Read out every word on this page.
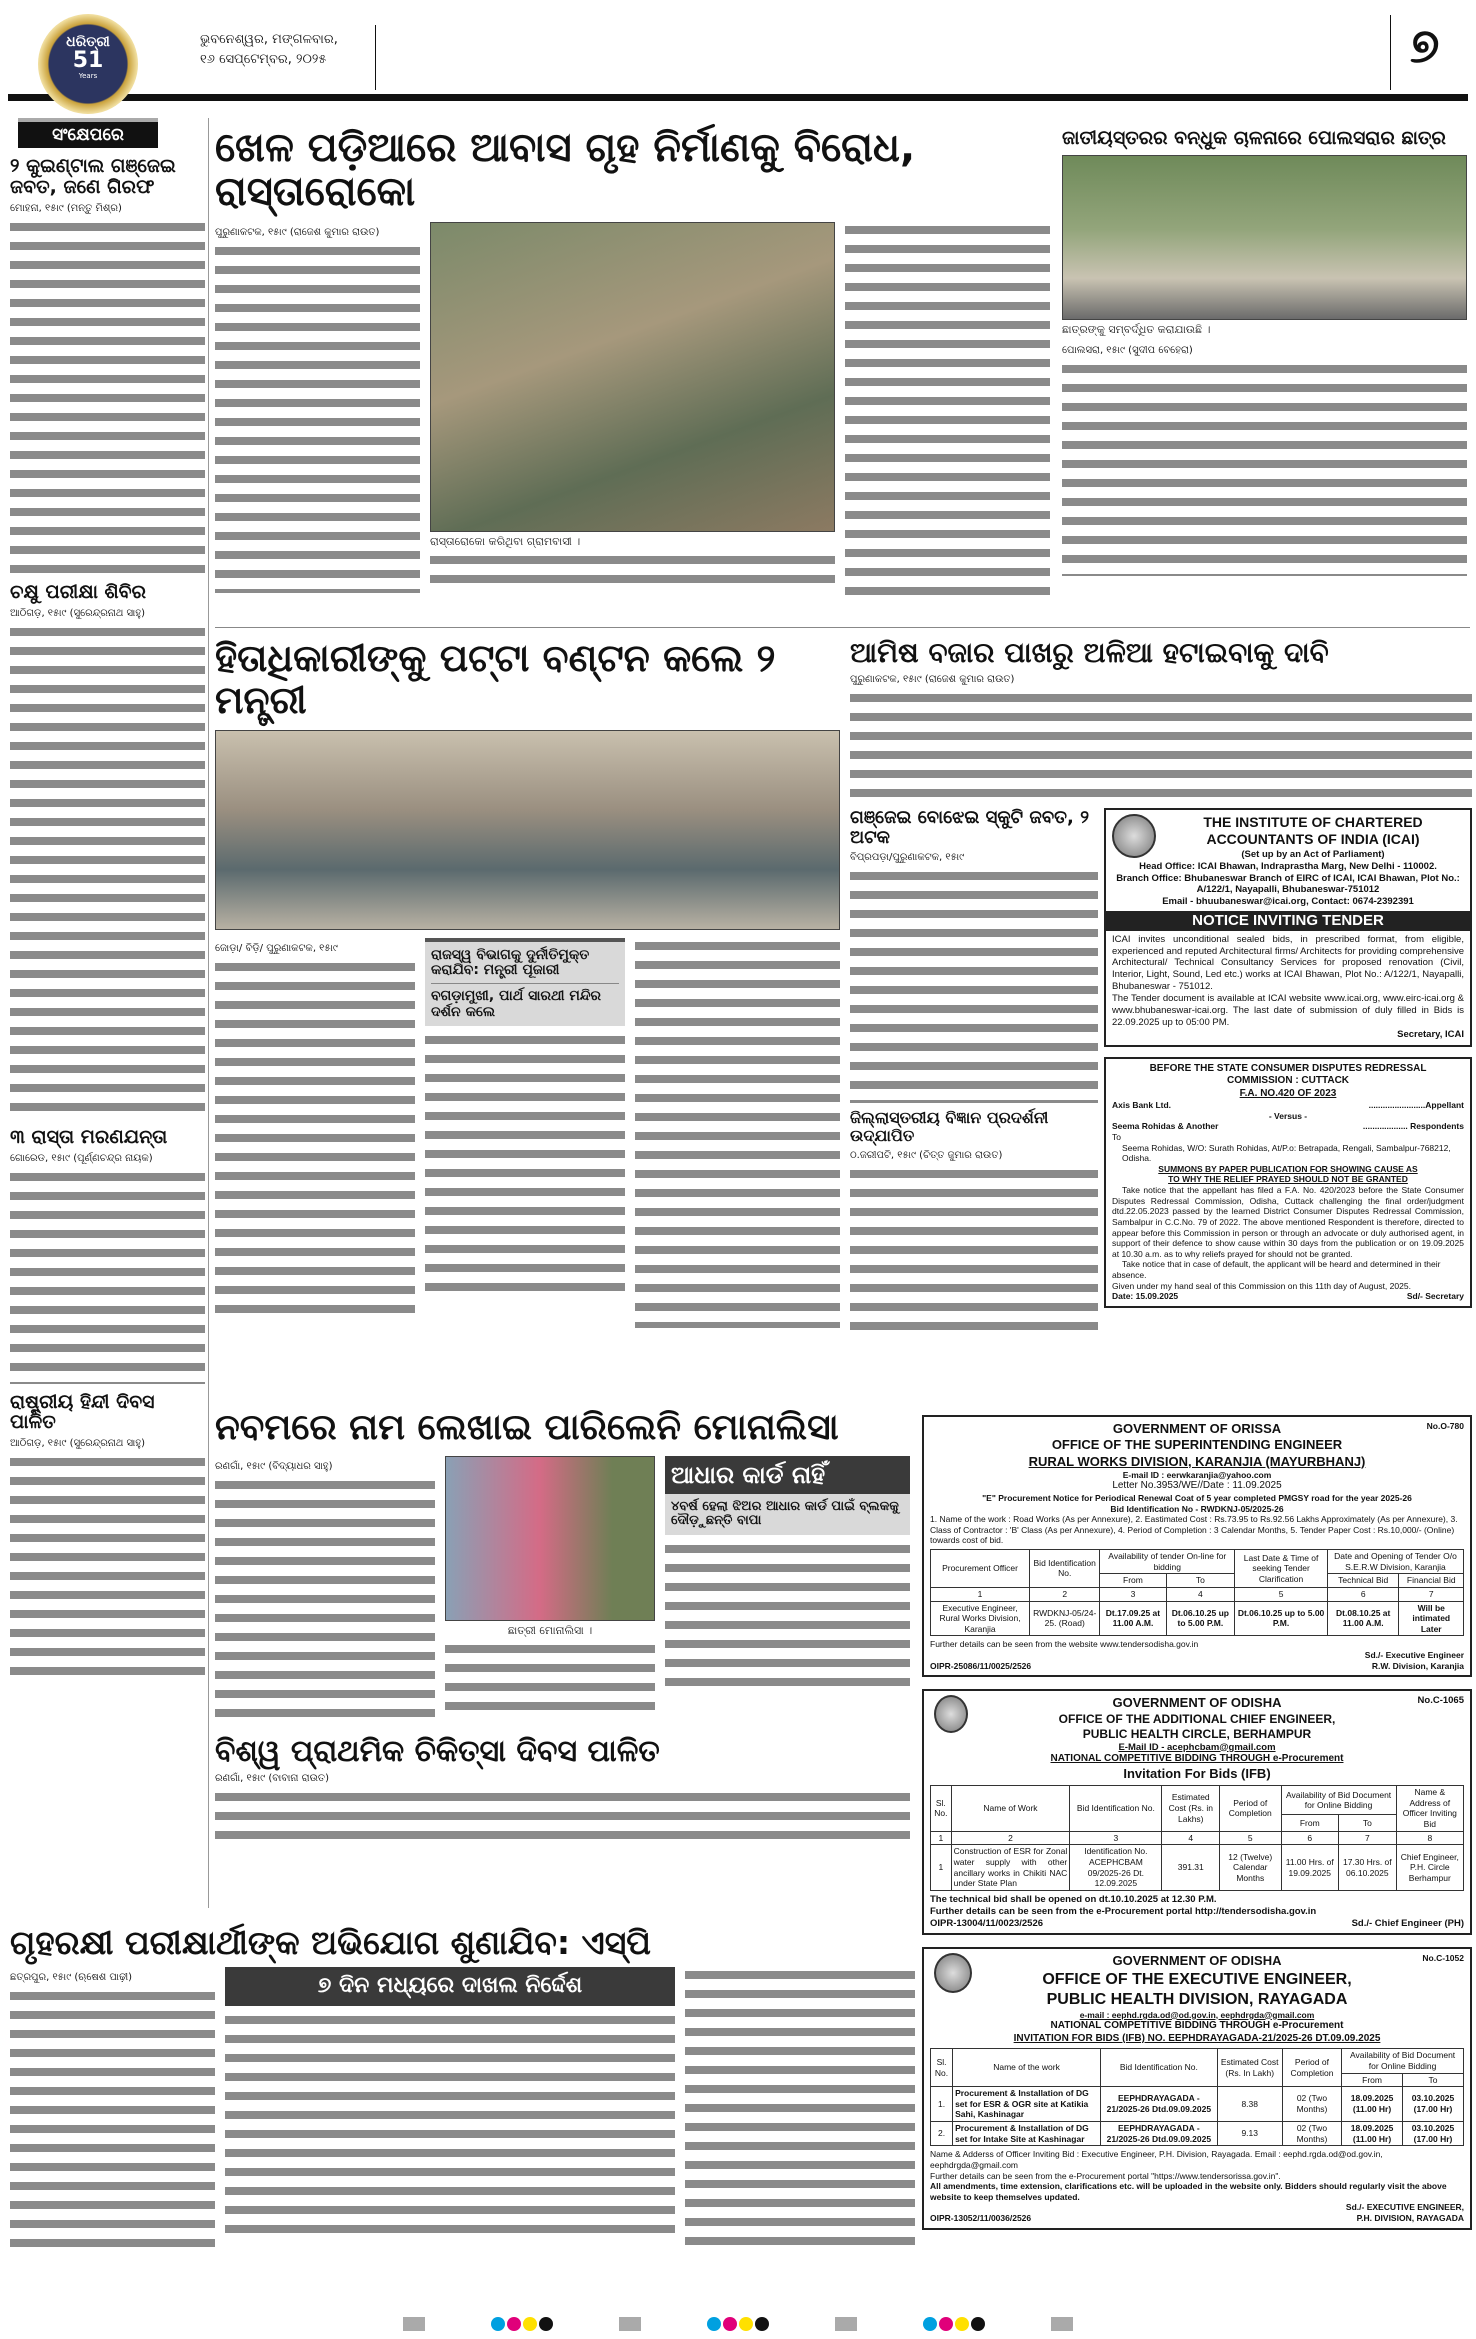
ଧରିତ୍ରୀ
51
Years
ଭୁବନେଶ୍ୱର, ମଙ୍ଗଳବାର,
୧୬ ସେପ୍ଟେମ୍ବର, ୨୦୨୫	୭
ସଂକ୍ଷେପରେ
୨ କୁଇଣ୍ଟାଲ ଗଞ୍ଜେଇ ଜବତ, ଜଣେ ଗିରଫ
ମୋହନା, ୧୫ା୯ (ମନ୍ତୁ ମିଶ୍ର)
ଚକ୍ଷୁ ପରୀକ୍ଷା ଶିବିର
ଆଠିଗଡ଼, ୧୫ା୯ (ସୁରେନ୍ଦ୍ରନାଥ ସାହୁ)
୩ ରାସ୍ତା ମରଣଯନ୍ତା
ଗୋରେଡ, ୧୫ା୯ (ପୂର୍ଣ୍ଣଚନ୍ଦ୍ର ନାୟକ)
ରାଷ୍ଟ୍ରୀୟ ହିନ୍ଦୀ ଦିବସ ପାଳିତ
ଆଠିଗଡ଼, ୧୫ା୯ (ସୁରେନ୍ଦ୍ରନାଥ ସାହୁ)
ଖେଳ ପଡ଼ିଆରେ ଆବାସ ଗୃହ ନିର୍ମାଣକୁ ବିରୋଧ, ରାସ୍ତାରୋକୋ
ପୁରୁଣାକଟକ, ୧୫ା୯ (ରାଜେଶ କୁମାର ରାଉତ)
ରାସ୍ତାରୋକୋ କରିଥିବା ଗ୍ରାମବାସୀ ।
ଜାତୀୟସ୍ତରର ବନ୍ଧୁକ ଚାଳନାରେ ପୋଲସରାର ଛାତ୍ର
ଛାତ୍ରଙ୍କୁ ସମ୍ବର୍ଦ୍ଧିତ କରାଯାଉଛି ।
ପୋଲସରା, ୧୫ା୯ (ସୁଦୀପ ବେହେରା)
ହିତାଧିକାରୀଙ୍କୁ ପଟ୍ଟା ବଣ୍ଟନ କଲେ ୨ ମନ୍ତ୍ରୀ
ଜୋଡ଼ା/ ବିଡ଼ି/ ପୁରୁଣାକଟକ, ୧୫ା୯	ରାଜସ୍ୱ ବିଭାଗକୁ ଦୁର୍ନୀତିମୁକ୍ତ କରାଯିବ: ମନ୍ତ୍ରୀ ପୂଜାରୀ
ବଗଡ଼ାମୁଖୀ, ପାର୍ଥ ସାରଥୀ ମନ୍ଦିର ଦର୍ଶନ କଲେ
ଆମିଷ ବଜାର ପାଖରୁ ଅଳିଆ ହଟାଇବାକୁ ଦାବି
ପୁରୁଣାକଟକ, ୧୫ା୯ (ରାଜେଶ କୁମାର ରାଉତ)
ଗଞ୍ଜେଇ ବୋଝେଇ ସ୍କୁଟି ଜବତ, ୨ ଅଟକ
ବିପ୍ରପଡ଼ା/ପୁରୁଣାକଟକ, ୧୫ା୯
ଜିଲ୍ଲାସ୍ତରୀୟ ବିଜ୍ଞାନ ପ୍ରଦର୍ଶନୀ ଉଦ୍‌ଯାପିତ
ଠ.ଜରୀପଟି, ୧୫ା୯ (ଚିତ୍ତ ଜୁମାର ରାଉତ)
THE INSTITUTE OF CHARTERED
ACCOUNTANTS OF INDIA (ICAI)
(Set up by an Act of Parliament)
Head Office: ICAI Bhawan, Indraprastha Marg, New Delhi - 110002.
Branch Office: Bhubaneswar Branch of EIRC of ICAI, ICAI Bhawan, Plot No.: A/122/1, Nayapalli, Bhubaneswar-751012
Email - bhuubaneswar@icai.org, Contact: 0674-2392391
NOTICE INVITING TENDER
ICAI invites unconditional sealed bids, in prescribed format, from eligible, experienced and reputed Architectural firms/ Architects for providing comprehensive Architectural/ Technical Consultancy Services for proposed renovation (Civil, Interior, Light, Sound, Led etc.) works at ICAI Bhawan, Plot No.: A/122/1, Nayapalli, Bhubaneswar - 751012.
The Tender document is available at ICAI website www.icai.org, www.eirc-icai.org & www.bhubaneswar-icai.org. The last date of submission of duly filled in Bids is 22.09.2025 up to 05:00 PM.
Secretary, ICAI
BEFORE THE STATE CONSUMER DISPUTES REDRESSAL
COMMISSION : CUTTACK
F.A. NO.420 OF 2023
Axis Bank Ltd.	........................Appellant
- Versus -
Seema Rohidas & Another	................... Respondents
To
Seema Rohidas, W/O: Surath Rohidas, At/P.o: Betrapada, Rengali, Sambalpur-768212, Odisha.
SUMMONS BY PAPER PUBLICATION FOR SHOWING CAUSE AS
TO WHY THE RELIEF PRAYED SHOULD NOT BE GRANTED
Take notice that the appellant has filed a F.A. No. 420/2023 before the State Consumer Disputes Redressal Commission, Odisha, Cuttack challenging the final order/judgment dtd.22.05.2023 passed by the learned District Consumer Disputes Redressal Commission, Sambalpur in C.C.No. 79 of 2022. The above mentioned Respondent is therefore, directed to appear before this Commission in person or through an advocate or duly authorised agent, in support of their defence to show cause within 30 days from the publication or on 19.09.2025 at 10.30 a.m. as to why reliefs prayed for should not be granted.
Take notice that in case of default, the applicant will be heard and determined in their absence.
Given under my hand seal of this Commission on this 11th day of August, 2025.
Date: 15.09.2025	Sd/- Secretary
ନବମରେ ନାମ ଲେଖାଇ ପାରିଲେନି ମୋନାଲିସା
ରଣଗାଁ, ୧୫ା୯ (ବିଦ୍ୟାଧର ସାହୁ)
ଛାତ୍ରୀ ମୋନାଲିସା ।
ଆଧାର କାର୍ଡ ନାହିଁ
୪ବର୍ଷ ହେଲା ଝିଅର ଆଧାର କାର୍ଡ ପାଇଁ ବ୍ଲକକୁ ଦୌଡ଼ୁଛନ୍ତି ବାପା
ବିଶ୍ୱ ପ୍ରାଥମିକ ଚିକିତ୍ସା ଦିବସ ପାଳିତ
ରଣଗାଁ, ୧୫ା୯ (ବାବାନା ରାଉତ)
ଗୃହରକ୍ଷୀ ପରୀକ୍ଷାର୍ଥୀଙ୍କ ଅଭିଯୋଗ ଶୁଣାଯିବ: ଏସ୍‌ପି
ଛତ୍ରପୁର, ୧୫ା୯ (ଋଷେଶ ପାଢ଼ୀ)	୭ ଦିନ ମଧ୍ୟରେ ଦାଖଲ ନିର୍ଦ୍ଦେଶ
GOVERNMENT OF ORISSA
OFFICE OF THE SUPERINTENDING ENGINEER
RURAL WORKS DIVISION, KARANJIA (MAYURBHANJ)
No.O-780
E-mail ID : eerwkaranjia@yahoo.com
Letter No.3953/WE//Date : 11.09.2025
"E" Procurement Notice for Periodical Renewal Coat of 5 year completed PMGSY road for the year 2025-26
Bid Identification No - RWDKNJ-05/2025-26
1. Name of the work : Road Works (As per Annexure), 2. Eastimated Cost : Rs.73.95 to Rs.92.56 Lakhs Approximately (As per Annexure), 3. Class of Contractor : 'B' Class (As per Annexure), 4. Period of Completion : 3 Calendar Months, 5. Tender Paper Cost : Rs.10,000/- (Online) towards cost of bid.
Procurement Officer	Bid Identification No.	Availability of tender On-line for bidding		Last Date & Time of seeking Tender Clarification	Date and Opening of Tender O/o S.E.R.W Division, Karanjia	
		From	To		Technical Bid	Financial Bid
1	2	3	4	5	6	7
Executive Engineer, Rural Works Division, Karanjia	RWDKNJ-05/24-25. (Road)	Dt.17.09.25 at 11.00 A.M.	Dt.06.10.25 up to 5.00 P.M.	Dt.06.10.25 up to 5.00 P.M.	Dt.08.10.25 at 11.00 A.M.	Will be intimated Later
Further details can be seen from the website www.tendersodisha.gov.in
OIPR-25086/11/0025/2526
Sd./- Executive Engineer
R.W. Division, Karanjia
GOVERNMENT OF ODISHA
OFFICE OF THE ADDITIONAL CHIEF ENGINEER,
PUBLIC HEALTH CIRCLE, BERHAMPUR
No.C-1065
E-Mail ID - acephcbam@gmail.com
NATIONAL COMPETITIVE BIDDING THROUGH e-Procurement
Invitation For Bids (IFB)
Sl. No.	Name of Work	Bid Identification No.	Estimated Cost (Rs. in Lakhs)	Period of Completion	Availability of Bid Document for Online Bidding		Name & Address of Officer Inviting Bid
					From	To	
1	2	3	4	5	6	7	8
1	Construction of ESR for Zonal water supply with other ancillary works in Chikiti NAC under State Plan	Identification No. ACEPHCBAM 09/2025-26 Dt. 12.09.2025	391.31	12 (Twelve) Calendar Months	11.00 Hrs. of 19.09.2025	17.30 Hrs. of 06.10.2025	Chief Engineer, P.H. Circle Berhampur
The technical bid shall be opened on dt.10.10.2025 at 12.30 P.M.
Further details can be seen from the e-Procurement portal http://tendersodisha.gov.in
OIPR-13004/11/0023/2526	Sd./- Chief Engineer (PH)
GOVERNMENT OF ODISHA
OFFICE OF THE EXECUTIVE ENGINEER,
PUBLIC HEALTH DIVISION, RAYAGADA
No.C-1052
e-mail : eephd.rgda.od@od.gov.in, eephdrgda@gmail.com
NATIONAL COMPETITIVE BIDDING THROUGH e-Procurement
INVITATION FOR BIDS (IFB) NO. EEPHDRAYAGADA-21/2025-26 DT.09.09.2025
Sl. No.	Name of the work	Bid Identification No.	Estimated Cost (Rs. In Lakh)	Period of Completion	Availability of Bid Document for Online Bidding	
					From	To
1.	Procurement & Installation of DG set for ESR & OGR site at Katikia Sahi, Kashinagar	EEPHDRAYAGADA - 21/2025-26 Dtd.09.09.2025	8.38	02 (Two Months)	18.09.2025 (11.00 Hr)	03.10.2025 (17.00 Hr)
2.	Procurement & Installation of DG set for Intake Site at Kashinagar	EEPHDRAYAGADA - 21/2025-26 Dtd.09.09.2025	9.13	02 (Two Months)	18.09.2025 (11.00 Hr)	03.10.2025 (17.00 Hr)
Name & Adderss of Officer Inviting Bid : Executive Engineer, P.H. Division, Rayagada. Email : eephd.rgda.od@od.gov.in, eephdrgda@gmail.com
Further details can be seen from the e-Procurement portal "https://www.tendersorissa.gov.in".
All amendments, time extension, clarifications etc. will be uploaded in the website only. Bidders should regularly visit the above website to keep themselves updated.
OIPR-13052/11/0036/2526
Sd./- EXECUTIVE ENGINEER,
P.H. DIVISION, RAYAGADA
